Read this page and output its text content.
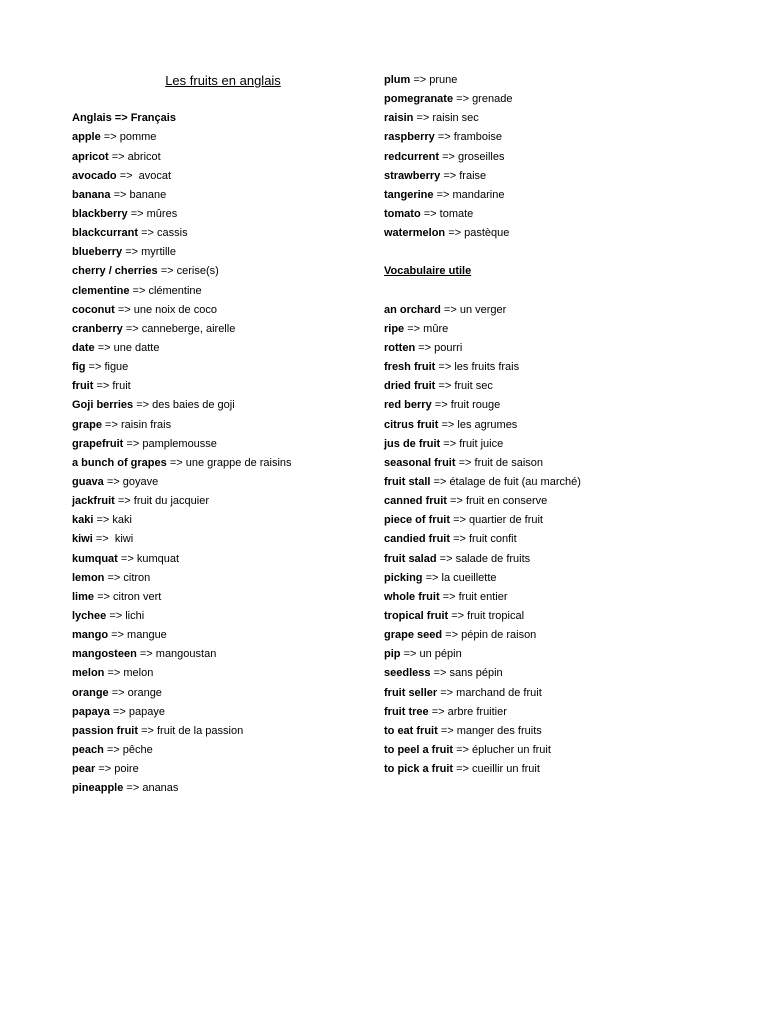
Les fruits en anglais
Anglais => Français
apple => pomme
apricot => abricot
avocado =>  avocat
banana => banane
blackberry => mûres
blackcurrant => cassis
blueberry => myrtille
cherry / cherries => cerise(s)
clementine => clémentine
coconut => une noix de coco
cranberry => canneberge, airelle
date => une datte
fig => figue
fruit => fruit
Goji berries => des baies de goji
grape => raisin frais
grapefruit => pamplemousse
a bunch of grapes => une grappe de raisins
guava => goyave
jackfruit => fruit du jacquier
kaki => kaki
kiwi =>  kiwi
kumquat => kumquat
lemon => citron
lime => citron vert
lychee => lichi
mango => mangue
mangosteen => mangoustan
melon => melon
orange => orange
papaya => papaye
passion fruit => fruit de la passion
peach => pêche
pear => poire
pineapple => ananas
plum => prune
pomegranate => grenade
raisin => raisin sec
raspberry => framboise
redcurrent => groseilles
strawberry => fraise
tangerine => mandarine
tomato => tomate
watermelon => pastèque
Vocabulaire utile
an orchard => un verger
ripe => mûre
rotten => pourri
fresh fruit => les fruits frais
dried fruit => fruit sec
red berry => fruit rouge
citrus fruit => les agrumes
jus de fruit => fruit juice
seasonal fruit => fruit de saison
fruit stall => étalage de fuit (au marché)
canned fruit => fruit en conserve
piece of fruit => quartier de fruit
candied fruit => fruit confit
fruit salad => salade de fruits
picking => la cueillette
whole fruit => fruit entier
tropical fruit => fruit tropical
grape seed => pépin de raison
pip => un pépin
seedless => sans pépin
fruit seller => marchand de fruit
fruit tree => arbre fruitier
to eat fruit => manger des fruits
to peel a fruit => éplucher un fruit
to pick a fruit => cueillir un fruit
